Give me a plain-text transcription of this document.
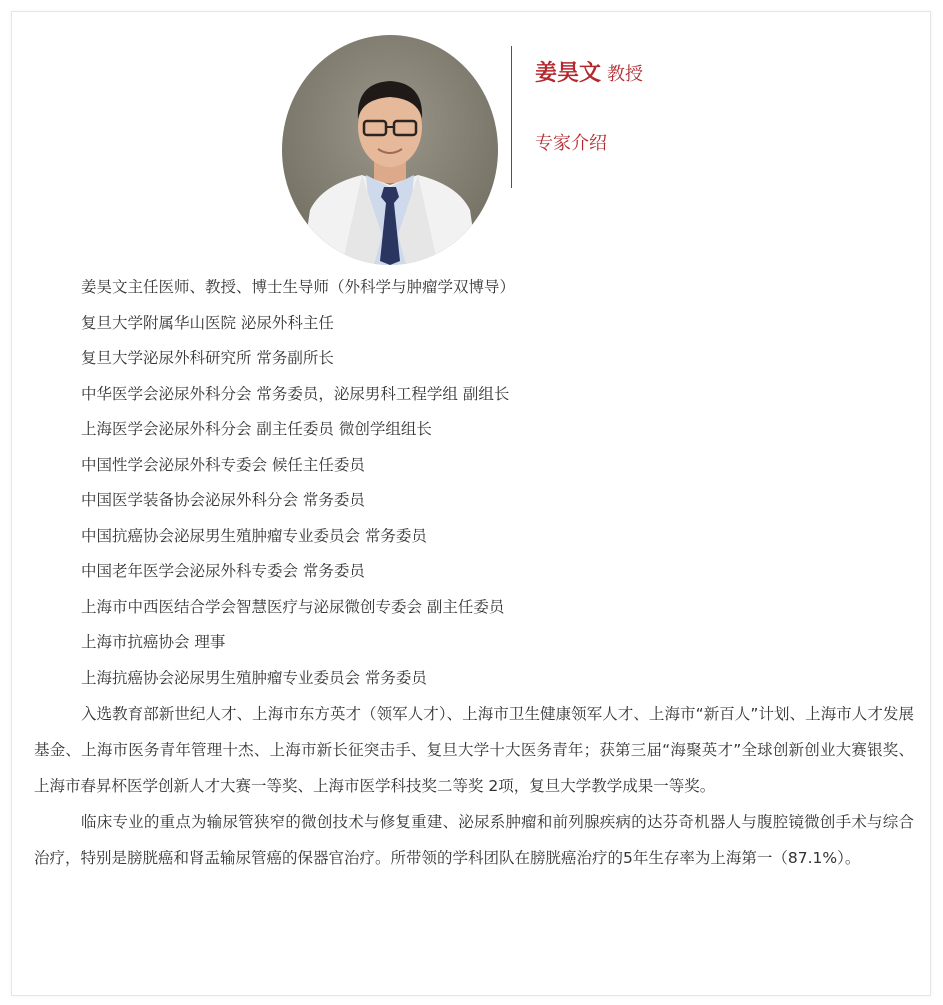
姜昊文 教授
专家介绍
姜昊文主任医师、教授、博士生导师（外科学与肿瘤学双博导）
复旦大学附属华山医院 泌尿外科主任
复旦大学泌尿外科研究所 常务副所长
中华医学会泌尿外科分会 常务委员，泌尿男科工程学组 副组长
上海医学会泌尿外科分会 副主任委员 微创学组组长
中国性学会泌尿外科专委会 候任主任委员
中国医学装备协会泌尿外科分会 常务委员
中国抗癌协会泌尿男生殖肿瘤专业委员会 常务委员
中国老年医学会泌尿外科专委会 常务委员
上海市中西医结合学会智慧医疗与泌尿微创专委会 副主任委员
上海市抗癌协会 理事
上海抗癌协会泌尿男生殖肿瘤专业委员会 常务委员

入选教育部新世纪人才、上海市东方英才（领军人才）、上海市卫生健康领军人才、上海市“新百人”计划、上海市人才发展基金、上海市医务青年管理十杰、上海市新长征突击手、复旦大学十大医务青年；获第三届“海聚英才”全球创新创业大赛银奖、上海市春昇杯医学创新人才大赛一等奖、上海市医学科技奖二等奖 2项，复旦大学教学成果一等奖。

临床专业的重点为输尿管狭窄的微创技术与修复重建、泌尿系肿瘤和前列腺疾病的达芬奇机器人与腹腔镜微创手术与综合治疗，特别是膀胱癌和肾盂输尿管癌的保器官治疗。所带领的学科团队在膀胱癌治疗的5年生存率为上海第一（87.1%）。
